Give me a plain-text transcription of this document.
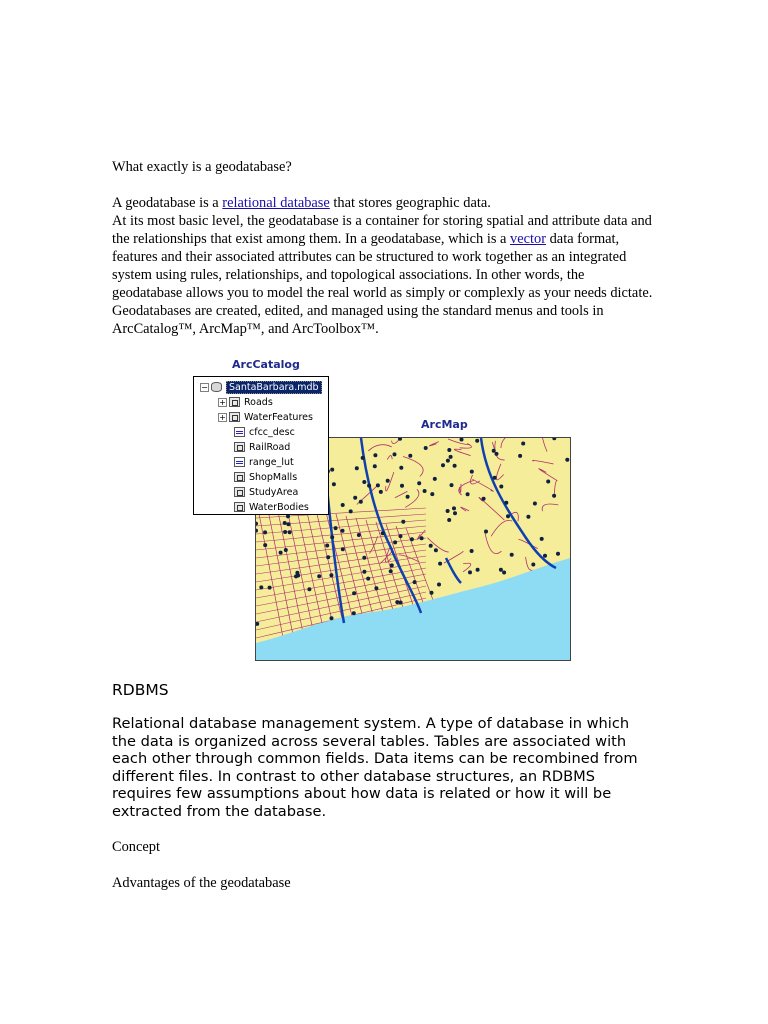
What exactly is a geodatabase?

A geodatabase is a relational database that stores geographic data.

At its most basic level, the geodatabase is a container for storing spatial and attribute data and the relationships that exist among them. In a geodatabase, which is a vector data format, features and their associated attributes can be structured to work together as an integrated system using rules, relationships, and topological associations. In other words, the geodatabase allows you to model the real world as simply or complexly as your needs dictate.

Geodatabases are created, edited, and managed using the standard menus and tools in ArcCatalog™, ArcMap™, and ArcToolbox™.

ArcCatalog
ArcMap
−	SantaBarbara.mdb
+ Roads
+ WaterFeatures
cfcc_desc
RailRoad
range_lut
ShopMalls
StudyArea
WaterBodies
RDBMS

Relational database management system. A type of database in which the data is organized across several tables. Tables are associated with each other through common fields. Data items can be recombined from different files. In contrast to other database structures, an RDBMS requires few assumptions about how data is related or how it will be extracted from the database.

Concept

Advantages of the geodatabase
